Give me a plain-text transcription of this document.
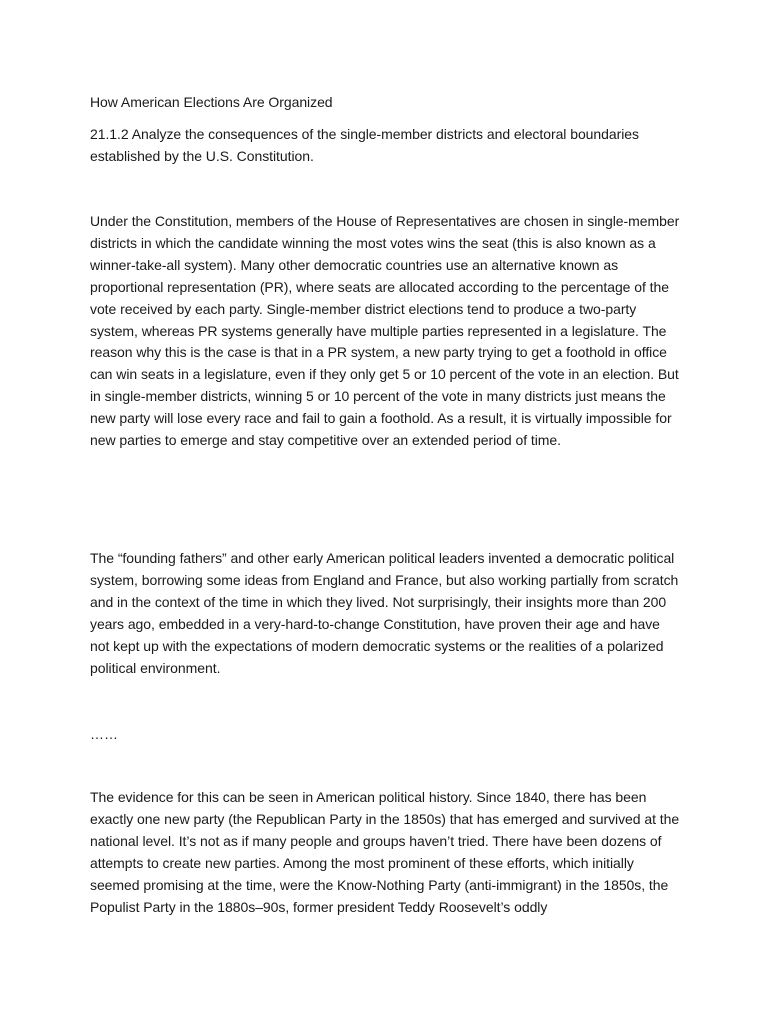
How American Elections Are Organized

21.1.2 Analyze the consequences of the single-member districts and electoral boundaries established by the U.S. Constitution.

Under the Constitution, members of the House of Representatives are chosen in single-member districts in which the candidate winning the most votes wins the seat (this is also known as a winner-take-all system). Many other democratic countries use an alternative known as proportional representation (PR), where seats are allocated according to the percentage of the vote received by each party. Single-member district elections tend to produce a two-party system, whereas PR systems generally have multiple parties represented in a legislature. The reason why this is the case is that in a PR system, a new party trying to get a foothold in office can win seats in a legislature, even if they only get 5 or 10 percent of the vote in an election. But in single-member districts, winning 5 or 10 percent of the vote in many districts just means the new party will lose every race and fail to gain a foothold. As a result, it is virtually impossible for new parties to emerge and stay competitive over an extended period of time.

The “founding fathers” and other early American political leaders invented a democratic political system, borrowing some ideas from England and France, but also working partially from scratch and in the context of the time in which they lived. Not surprisingly, their insights more than 200 years ago, embedded in a very-hard-to-change Constitution, have proven their age and have not kept up with the expectations of modern democratic systems or the realities of a polarized political environment.

……

The evidence for this can be seen in American political history. Since 1840, there has been exactly one new party (the Republican Party in the 1850s) that has emerged and survived at the national level. It’s not as if many people and groups haven’t tried. There have been dozens of attempts to create new parties. Among the most prominent of these efforts, which initially seemed promising at the time, were the Know-Nothing Party (anti-immigrant) in the 1850s, the Populist Party in the 1880s–90s, former president Teddy Roosevelt’s oddly
